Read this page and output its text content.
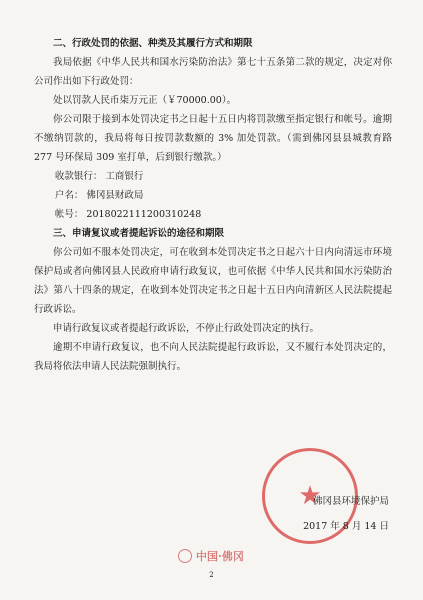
二、行政处罚的依据、种类及其履行方式和期限

我局依据《中华人民共和国水污染防治法》第七十五条第二款的规定，决定对你公司作出如下行政处罚：

处以罚款人民币柒万元正（￥70000.00）。

你公司限于接到本处罚决定书之日起十五日内将罚款缴至指定银行和帐号。逾期不缴纳罚款的，我局将每日按罚款数额的 3% 加处罚款。（需到佛冈县县城教育路 277 号环保局 309 室打单，后到银行缴款。）

收款银行： 工商银行

户名： 佛冈县财政局

帐号： 2018022111200310248

三、申请复议或者提起诉讼的途径和期限

你公司如不服本处罚决定，可在收到本处罚决定书之日起六十日内向清远市环境保护局或者向佛冈县人民政府申请行政复议，也可依据《中华人民共和国水污染防治法》第八十四条的规定，在收到本处罚决定书之日起十五日内向清新区人民法院提起行政诉讼。

申请行政复议或者提起行政诉讼，不停止行政处罚决定的执行。

逾期不申请行政复议，也不向人民法院提起行政诉讼，又不履行本处罚决定的，我局将依法申请人民法院强制执行。

★
佛冈县环境保护局
2017 年 8 月 14 日
中国·佛冈
2
